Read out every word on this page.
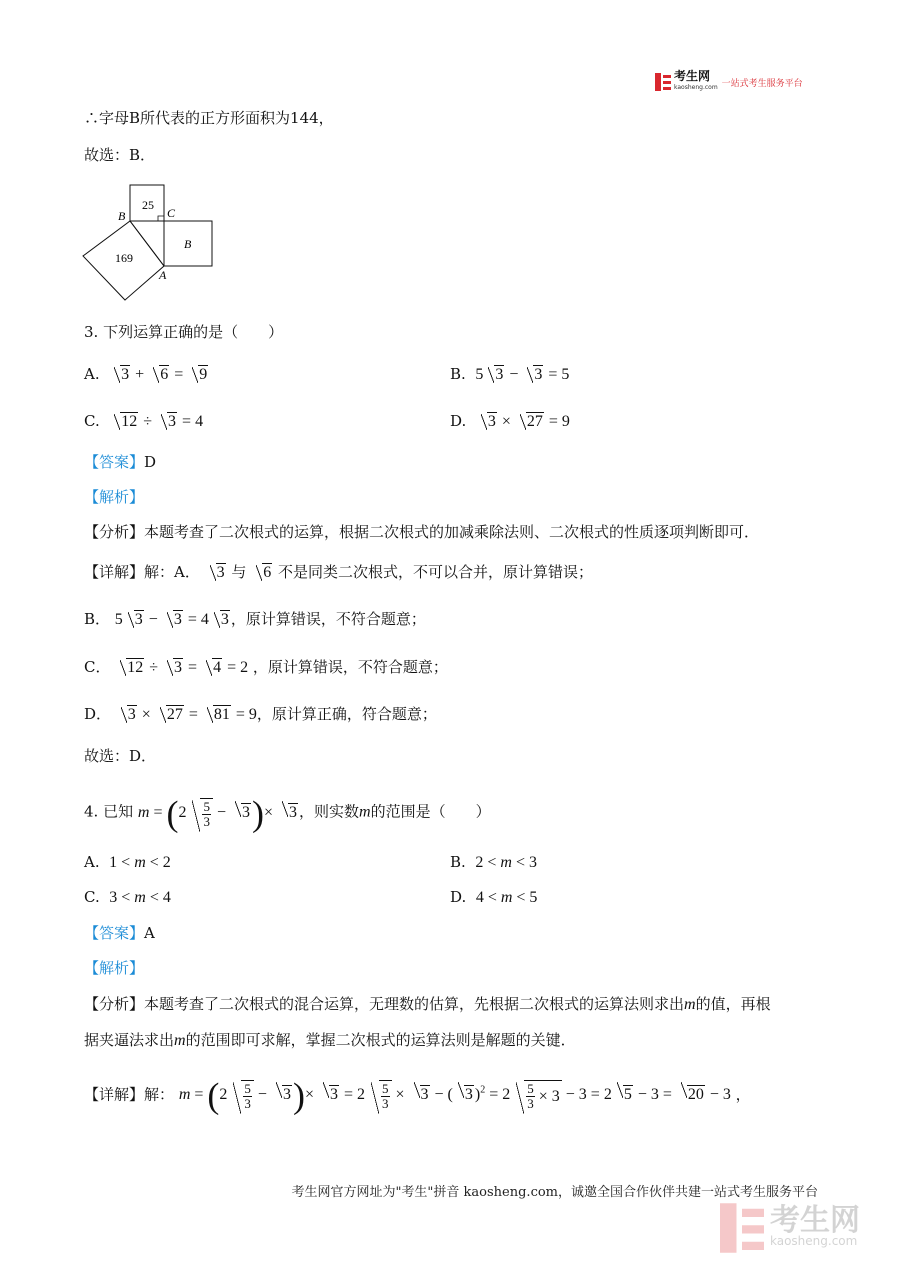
考生网
kaosheng.com 一站式考生服务平台
∴字母B所代表的正方形面积为144，
故选：B．
25
169
B
B	C
A
3. 下列运算正确的是（　　）
A. 3 + 6 = 9	B. 5 3 − 3 = 5
C. 12 ÷ 3 = 4	D. 3 × 27 = 9
【答案】D
【解析】
【分析】本题考查了二次根式的运算，根据二次根式的加减乘除法则、二次根式的性质逐项判断即可．
【详解】解：A． 3 与 6 不是同类二次根式，不可以合并，原计算错误；
B． 5 3 − 3 = 4 3 ，原计算错误，不符合题意；
C． 12 ÷ 3 = 4 = 2 ，原计算错误，不符合题意；
D． 3 × 27 = 81 = 9，原计算正确，符合题意；
故选：D．
4. 已知 $m = (2 \frac{5}{3} - 3)\times 3$ ，则实数m的范围是（　　）
A. 1 < m < 2	B. 2 < m < 3
C. 3 < m < 4	D. 4 < m < 5
【答案】A
【解析】
【分析】本题考查了二次根式的混合运算，无理数的估算，先根据二次根式的运算法则求出m的值，再根
据夹逼法求出m的范围即可求解，掌握二次根式的运算法则是解题的关键．
【详解】解： $m = (2 \frac{5}{3} - 3)\times 3 = 2 \frac{5}{3} \times 3$ − ( 3 )$^2 = 2 \frac{5}{3} \times 3 - 3 = 2$ 5 − 3 = 20 − 3 ，
考生网官方网址为"考生"拼音 kaosheng.com，诚邀全国合作伙伴共建一站式考生服务平台
考生网
kaosheng.com
